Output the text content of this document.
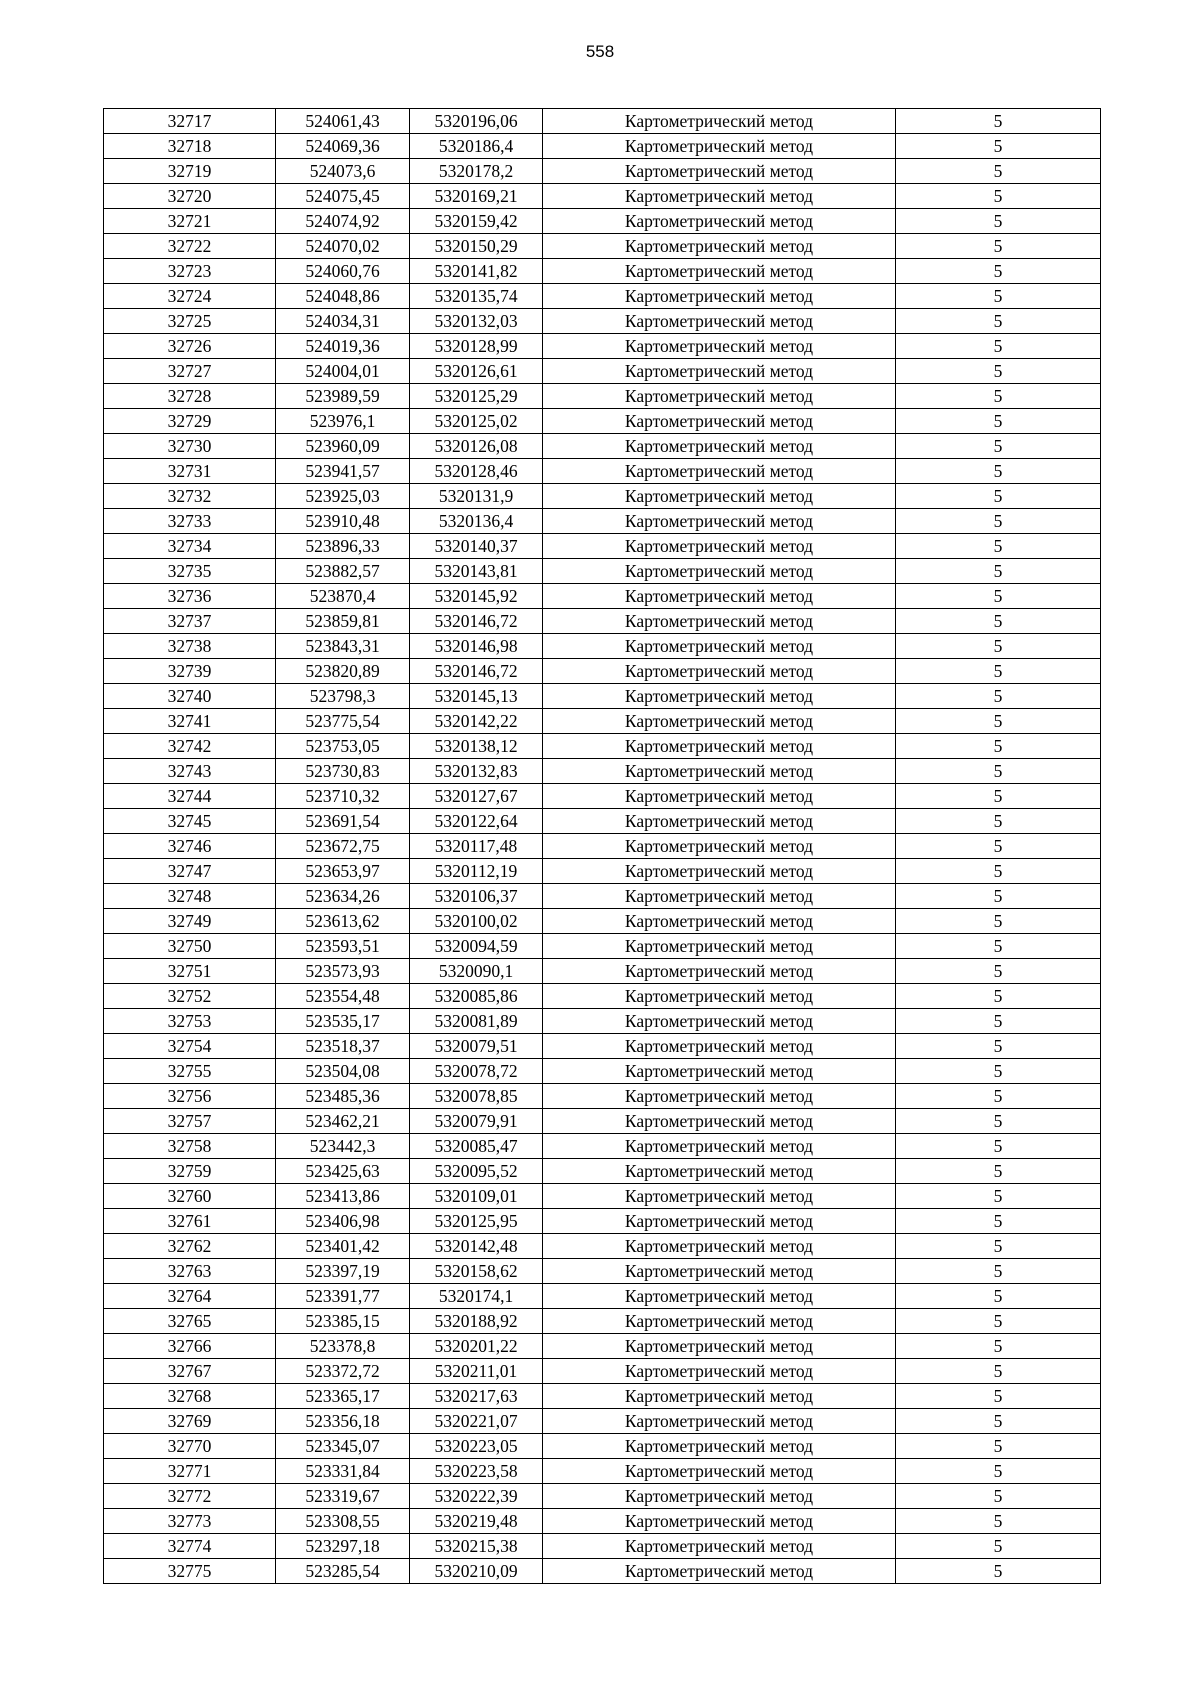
558
32717	524061,43	5320196,06	Картометрический метод	5
32718	524069,36	5320186,4	Картометрический метод	5
32719	524073,6	5320178,2	Картометрический метод	5
32720	524075,45	5320169,21	Картометрический метод	5
32721	524074,92	5320159,42	Картометрический метод	5
32722	524070,02	5320150,29	Картометрический метод	5
32723	524060,76	5320141,82	Картометрический метод	5
32724	524048,86	5320135,74	Картометрический метод	5
32725	524034,31	5320132,03	Картометрический метод	5
32726	524019,36	5320128,99	Картометрический метод	5
32727	524004,01	5320126,61	Картометрический метод	5
32728	523989,59	5320125,29	Картометрический метод	5
32729	523976,1	5320125,02	Картометрический метод	5
32730	523960,09	5320126,08	Картометрический метод	5
32731	523941,57	5320128,46	Картометрический метод	5
32732	523925,03	5320131,9	Картометрический метод	5
32733	523910,48	5320136,4	Картометрический метод	5
32734	523896,33	5320140,37	Картометрический метод	5
32735	523882,57	5320143,81	Картометрический метод	5
32736	523870,4	5320145,92	Картометрический метод	5
32737	523859,81	5320146,72	Картометрический метод	5
32738	523843,31	5320146,98	Картометрический метод	5
32739	523820,89	5320146,72	Картометрический метод	5
32740	523798,3	5320145,13	Картометрический метод	5
32741	523775,54	5320142,22	Картометрический метод	5
32742	523753,05	5320138,12	Картометрический метод	5
32743	523730,83	5320132,83	Картометрический метод	5
32744	523710,32	5320127,67	Картометрический метод	5
32745	523691,54	5320122,64	Картометрический метод	5
32746	523672,75	5320117,48	Картометрический метод	5
32747	523653,97	5320112,19	Картометрический метод	5
32748	523634,26	5320106,37	Картометрический метод	5
32749	523613,62	5320100,02	Картометрический метод	5
32750	523593,51	5320094,59	Картометрический метод	5
32751	523573,93	5320090,1	Картометрический метод	5
32752	523554,48	5320085,86	Картометрический метод	5
32753	523535,17	5320081,89	Картометрический метод	5
32754	523518,37	5320079,51	Картометрический метод	5
32755	523504,08	5320078,72	Картометрический метод	5
32756	523485,36	5320078,85	Картометрический метод	5
32757	523462,21	5320079,91	Картометрический метод	5
32758	523442,3	5320085,47	Картометрический метод	5
32759	523425,63	5320095,52	Картометрический метод	5
32760	523413,86	5320109,01	Картометрический метод	5
32761	523406,98	5320125,95	Картометрический метод	5
32762	523401,42	5320142,48	Картометрический метод	5
32763	523397,19	5320158,62	Картометрический метод	5
32764	523391,77	5320174,1	Картометрический метод	5
32765	523385,15	5320188,92	Картометрический метод	5
32766	523378,8	5320201,22	Картометрический метод	5
32767	523372,72	5320211,01	Картометрический метод	5
32768	523365,17	5320217,63	Картометрический метод	5
32769	523356,18	5320221,07	Картометрический метод	5
32770	523345,07	5320223,05	Картометрический метод	5
32771	523331,84	5320223,58	Картометрический метод	5
32772	523319,67	5320222,39	Картометрический метод	5
32773	523308,55	5320219,48	Картометрический метод	5
32774	523297,18	5320215,38	Картометрический метод	5
32775	523285,54	5320210,09	Картометрический метод	5
